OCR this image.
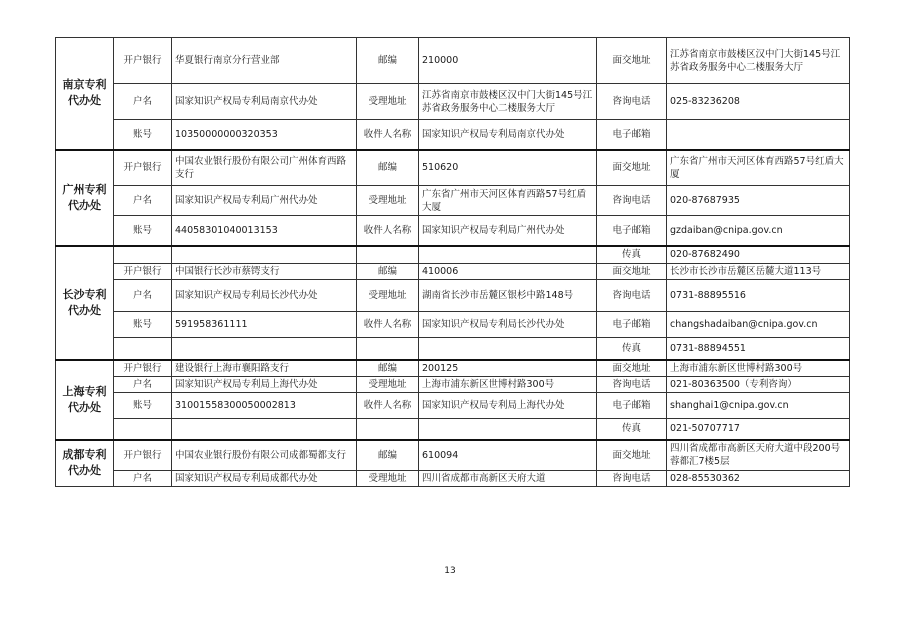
南京专利代办处	开户银行	华夏银行南京分行营业部	邮编	210000	面交地址	江苏省南京市鼓楼区汉中门大街145号江苏省政务服务中心二楼服务大厅
	户名	国家知识产权局专利局南京代办处	受理地址	江苏省南京市鼓楼区汉中门大街145号江苏省政务服务中心二楼服务大厅	咨询电话	025-83236208
	账号	10350000000320353	收件人名称	国家知识产权局专利局南京代办处	电子邮箱	
广州专利代办处	开户银行	中国农业银行股份有限公司广州体育西路支行	邮编	510620	面交地址	广东省广州市天河区体育西路57号红盾大厦
	户名	国家知识产权局专利局广州代办处	受理地址	广东省广州市天河区体育西路57号红盾大厦	咨询电话	020-87687935
	账号	44058301040013153	收件人名称	国家知识产权局专利局广州代办处	电子邮箱	gzdaiban@cnipa.gov.cn
长沙专利代办处					传真	020-87682490
	开户银行	中国银行长沙市蔡锷支行	邮编	410006	面交地址	长沙市长沙市岳麓区岳麓大道113号
	户名	国家知识产权局专利局长沙代办处	受理地址	湖南省长沙市岳麓区银杉中路148号	咨询电话	0731-88895516
	账号	591958361111	收件人名称	国家知识产权局专利局长沙代办处	电子邮箱	changshadaiban@cnipa.gov.cn
					传真	0731-88894551
上海专利代办处	开户银行	建设银行上海市襄阳路支行	邮编	200125	面交地址	上海市浦东新区世博村路300号
	户名	国家知识产权局专利局上海代办处	受理地址	上海市浦东新区世博村路300号	咨询电话	021-80363500（专利咨询）
	账号	31001558300050002813	收件人名称	国家知识产权局专利局上海代办处	电子邮箱	shanghai1@cnipa.gov.cn
					传真	021-50707717
成都专利代办处	开户银行	中国农业银行股份有限公司成都蜀都支行	邮编	610094	面交地址	四川省成都市高新区天府大道中段200号蓉都汇7楼5层
	户名	国家知识产权局专利局成都代办处	受理地址	四川省成都市高新区天府大道	咨询电话	028-85530362
13
